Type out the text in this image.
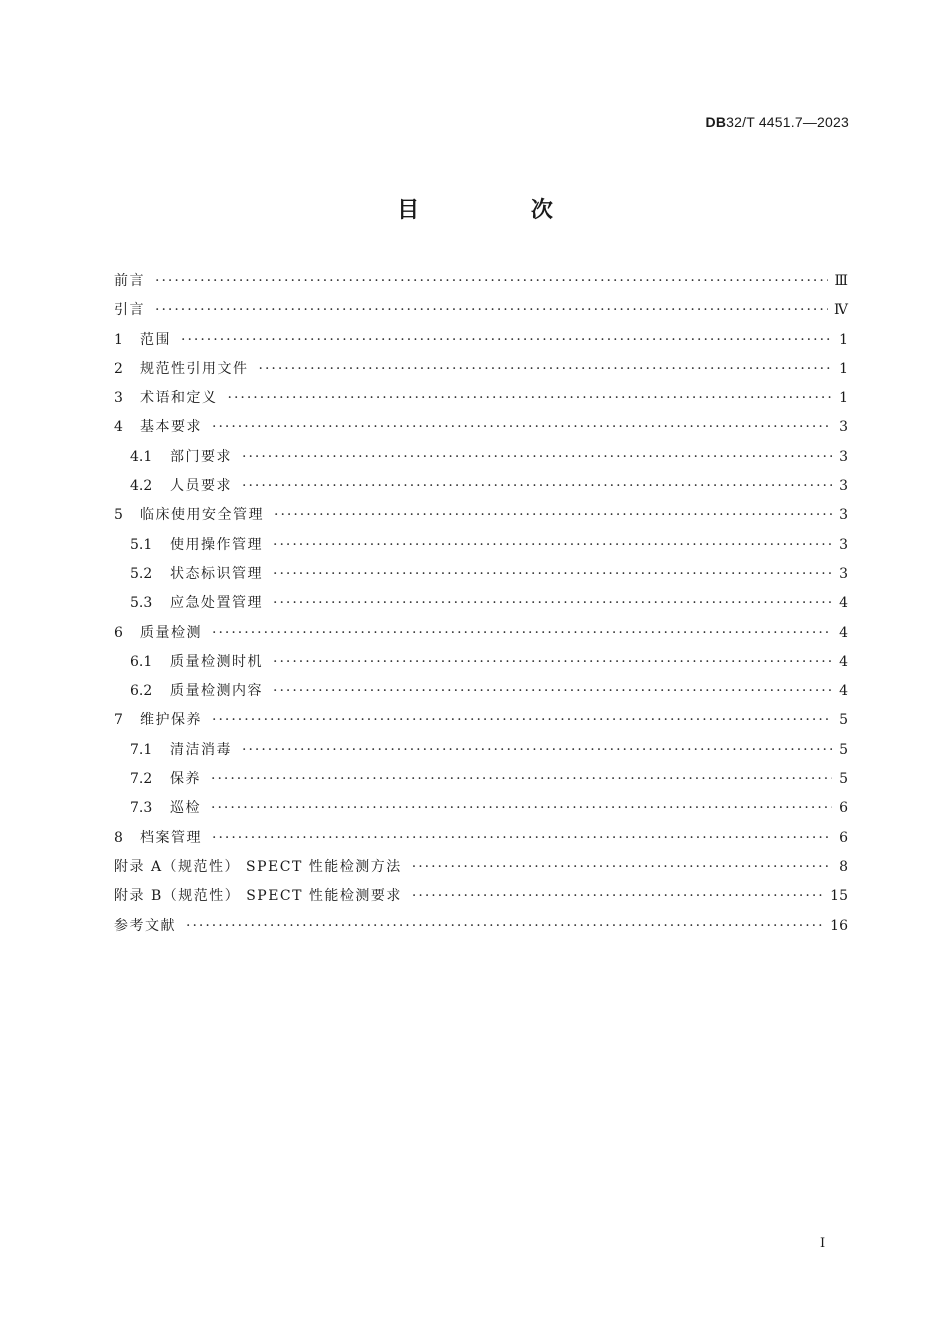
DB32/T 4451.7—2023
目 次
前言 ·····	Ⅲ
引言 ·····	Ⅳ
1	范围 ·····	1
2	规范性引用文件 ·····	1
3	术语和定义 ·····	1
4	基本要求 ·····	3
4.1	部门要求 ·····	3
4.2	人员要求 ·····	3
5	临床使用安全管理 ·····	3
5.1	使用操作管理 ·····	3
5.2	状态标识管理 ·····	3
5.3	应急处置管理 ·····	4
6	质量检测 ·····	4
6.1	质量检测时机 ·····	4
6.2	质量检测内容 ·····	4
7	维护保养 ·····	5
7.1	清洁消毒 ·····	5
7.2	保养 ·····	5
7.3	巡检 ·····	6
8	档案管理 ·····	6
附录 A（规范性） SPECT 性能检测方法 ·····	8
附录 B（规范性） SPECT 性能检测要求 ·····	15
参考文献 ·····	16
Ⅰ
